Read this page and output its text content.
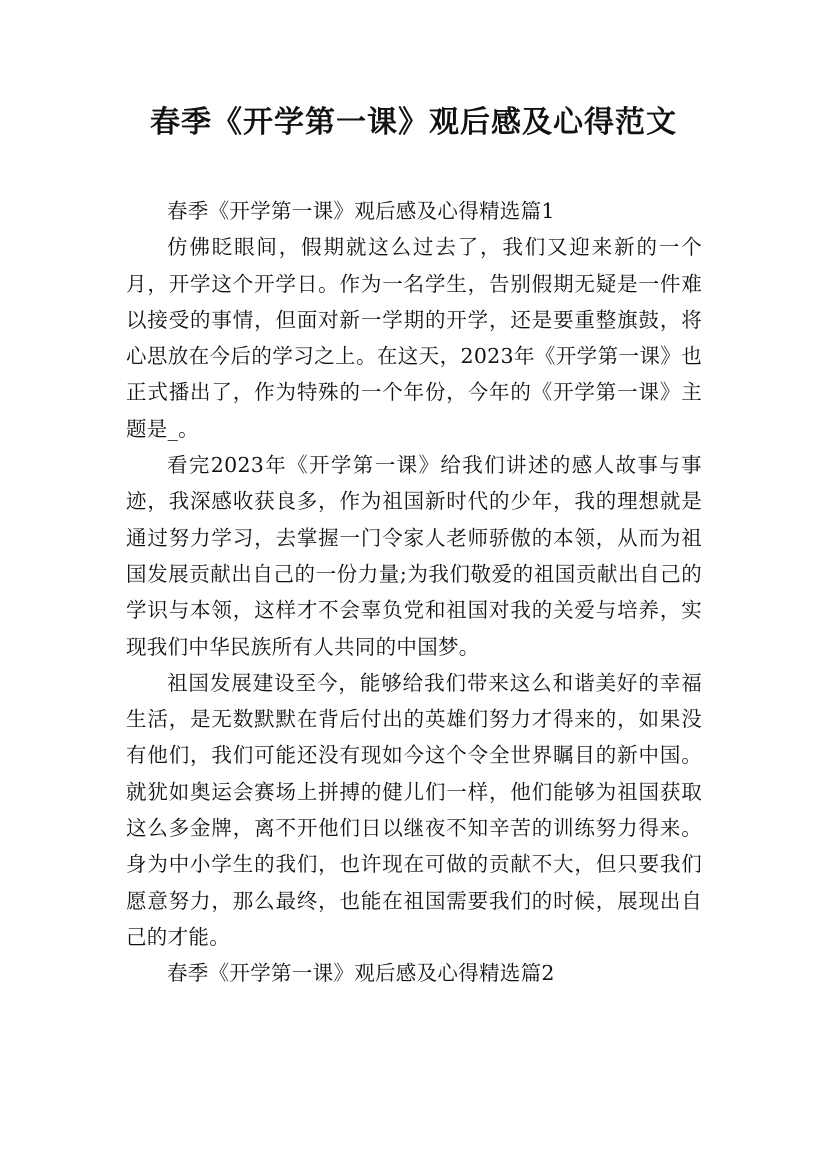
春季《开学第一课》观后感及心得范文

春季《开学第一课》观后感及心得精选篇1

仿佛眨眼间，假期就这么过去了，我们又迎来新的一个月，开学这个开学日。作为一名学生，告别假期无疑是一件难以接受的事情，但面对新一学期的开学，还是要重整旗鼓，将心思放在今后的学习之上。在这天，2023年《开学第一课》也正式播出了，作为特殊的一个年份，今年的《开学第一课》主题是_。

看完2023年《开学第一课》给我们讲述的感人故事与事迹，我深感收获良多，作为祖国新时代的少年，我的理想就是通过努力学习，去掌握一门令家人老师骄傲的本领，从而为祖国发展贡献出自己的一份力量;为我们敬爱的祖国贡献出自己的学识与本领，这样才不会辜负党和祖国对我的关爱与培养，实现我们中华民族所有人共同的中国梦。

祖国发展建设至今，能够给我们带来这么和谐美好的幸福生活，是无数默默在背后付出的英雄们努力才得来的，如果没有他们，我们可能还没有现如今这个令全世界瞩目的新中国。就犹如奥运会赛场上拼搏的健儿们一样，他们能够为祖国获取这么多金牌，离不开他们日以继夜不知辛苦的训练努力得来。身为中小学生的我们，也许现在可做的贡献不大，但只要我们愿意努力，那么最终，也能在祖国需要我们的时候，展现出自己的才能。

春季《开学第一课》观后感及心得精选篇2
